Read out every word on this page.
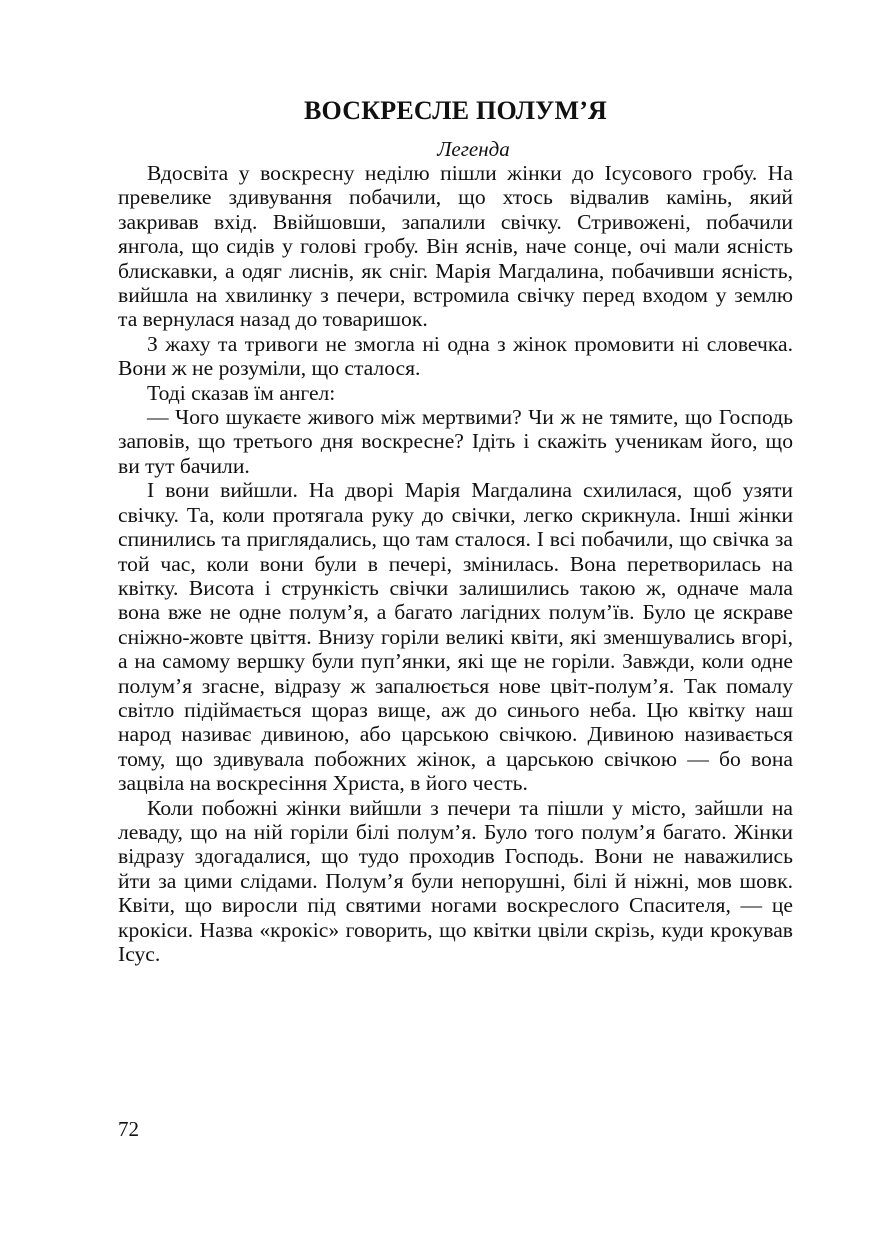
ВОСКРЕСЛЕ ПОЛУМ’Я
Легенда

Вдосвіта у воскресну неділю пішли жінки до Ісусового гробу. На превелике здивування побачили, що хтось відвалив камінь, який закривав вхід. Ввійшовши, запалили свічку. Стривожені, побачили янгола, що сидів у голові гробу. Він яснів, наче сонце, очі мали ясність блискавки, а одяг лиснів, як сніг. Марія Магдалина, побачивши ясність, вийшла на хвилинку з печери, встромила свічку перед входом у землю та вернулася назад до товаришок.

З жаху та тривоги не змогла ні одна з жінок промовити ні словечка. Вони ж не розуміли, що сталося.

Тоді сказав їм ангел:

— Чого шукаєте живого між мертвими? Чи ж не тямите, що Господь заповів, що третього дня воскресне? Ідіть і скажіть ученикам його, що ви тут бачили.

І вони вийшли. На дворі Марія Магдалина схилилася, щоб узяти свічку. Та, коли протягала руку до свічки, легко скрикнула. Інші жінки спинились та приглядались, що там сталося. І всі побачили, що свічка за той час, коли вони були в печері, змінилась. Вона перетворилась на квітку. Висота і стрункість свічки залишились такою ж, одначе мала вона вже не одне полум’я, а багато лагідних полум’їв. Було це яскраве сніжно-жовте цвіття. Внизу горіли великі квіти, які зменшувались вгорі, а на самому вершку були пуп’янки, які ще не горіли. Завжди, коли одне полум’я згасне, відразу ж запалюється нове цвіт-полум’я. Так помалу світло підіймається щораз вище, аж до синього неба. Цю квітку наш народ називає дивиною, або царською свічкою. Дивиною називається тому, що здивувала побожних жінок, а царською свічкою — бо вона зацвіла на воскресіння Христа, в його честь.

Коли побожні жінки вийшли з печери та пішли у місто, зайшли на леваду, що на ній горіли білі полум’я. Було того полум’я багато. Жінки відразу здогадалися, що тудо проходив Господь. Вони не наважились йти за цими слідами. Полум’я були непорушні, білі й ніжні, мов шовк. Квіти, що виросли під святими ногами воскреслого Спасителя, — це крокіси. Назва «крокіс» говорить, що квітки цвіли скрізь, куди крокував Ісус.

72
